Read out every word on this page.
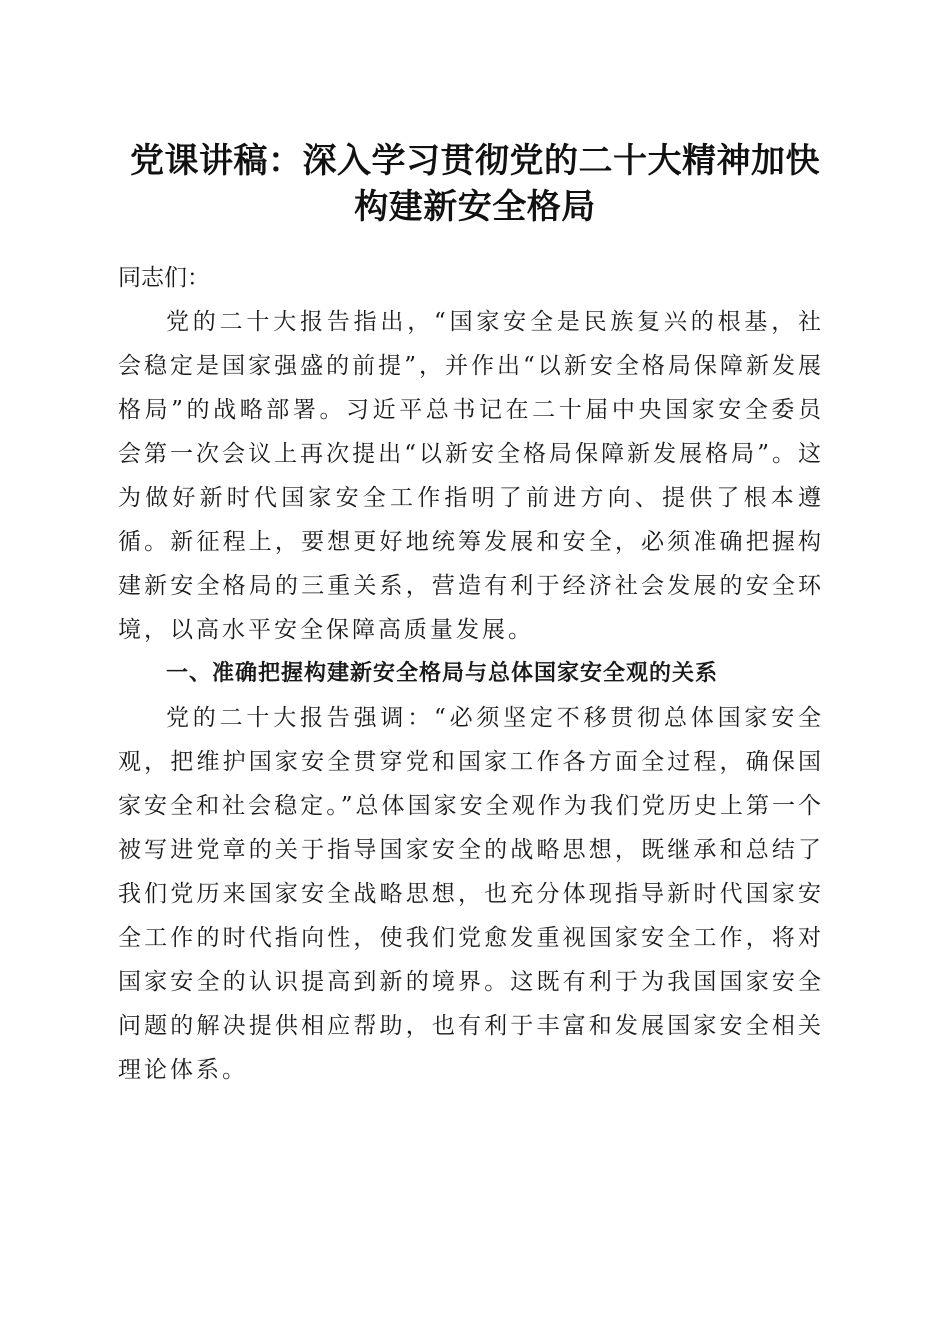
党课讲稿：深入学习贯彻党的二十大精神加快
构建新安全格局

同志们：

党的二十大报告指出，“国家安全是民族复兴的根基，社会稳定是国家强盛的前提”，并作出“以新安全格局保障新发展格局”的战略部署。习近平总书记在二十届中央国家安全委员会第一次会议上再次提出“以新安全格局保障新发展格局”。这为做好新时代国家安全工作指明了前进方向、提供了根本遵循。新征程上，要想更好地统筹发展和安全，必须准确把握构建新安全格局的三重关系，营造有利于经济社会发展的安全环境，以高水平安全保障高质量发展。

一、准确把握构建新安全格局与总体国家安全观的关系

党的二十大报告强调：“必须坚定不移贯彻总体国家安全观，把维护国家安全贯穿党和国家工作各方面全过程，确保国家安全和社会稳定。”总体国家安全观作为我们党历史上第一个被写进党章的关于指导国家安全的战略思想，既继承和总结了我们党历来国家安全战略思想，也充分体现指导新时代国家安全工作的时代指向性，使我们党愈发重视国家安全工作，将对国家安全的认识提高到新的境界。这既有利于为我国国家安全问题的解决提供相应帮助，也有利于丰富和发展国家安全相关理论体系。
